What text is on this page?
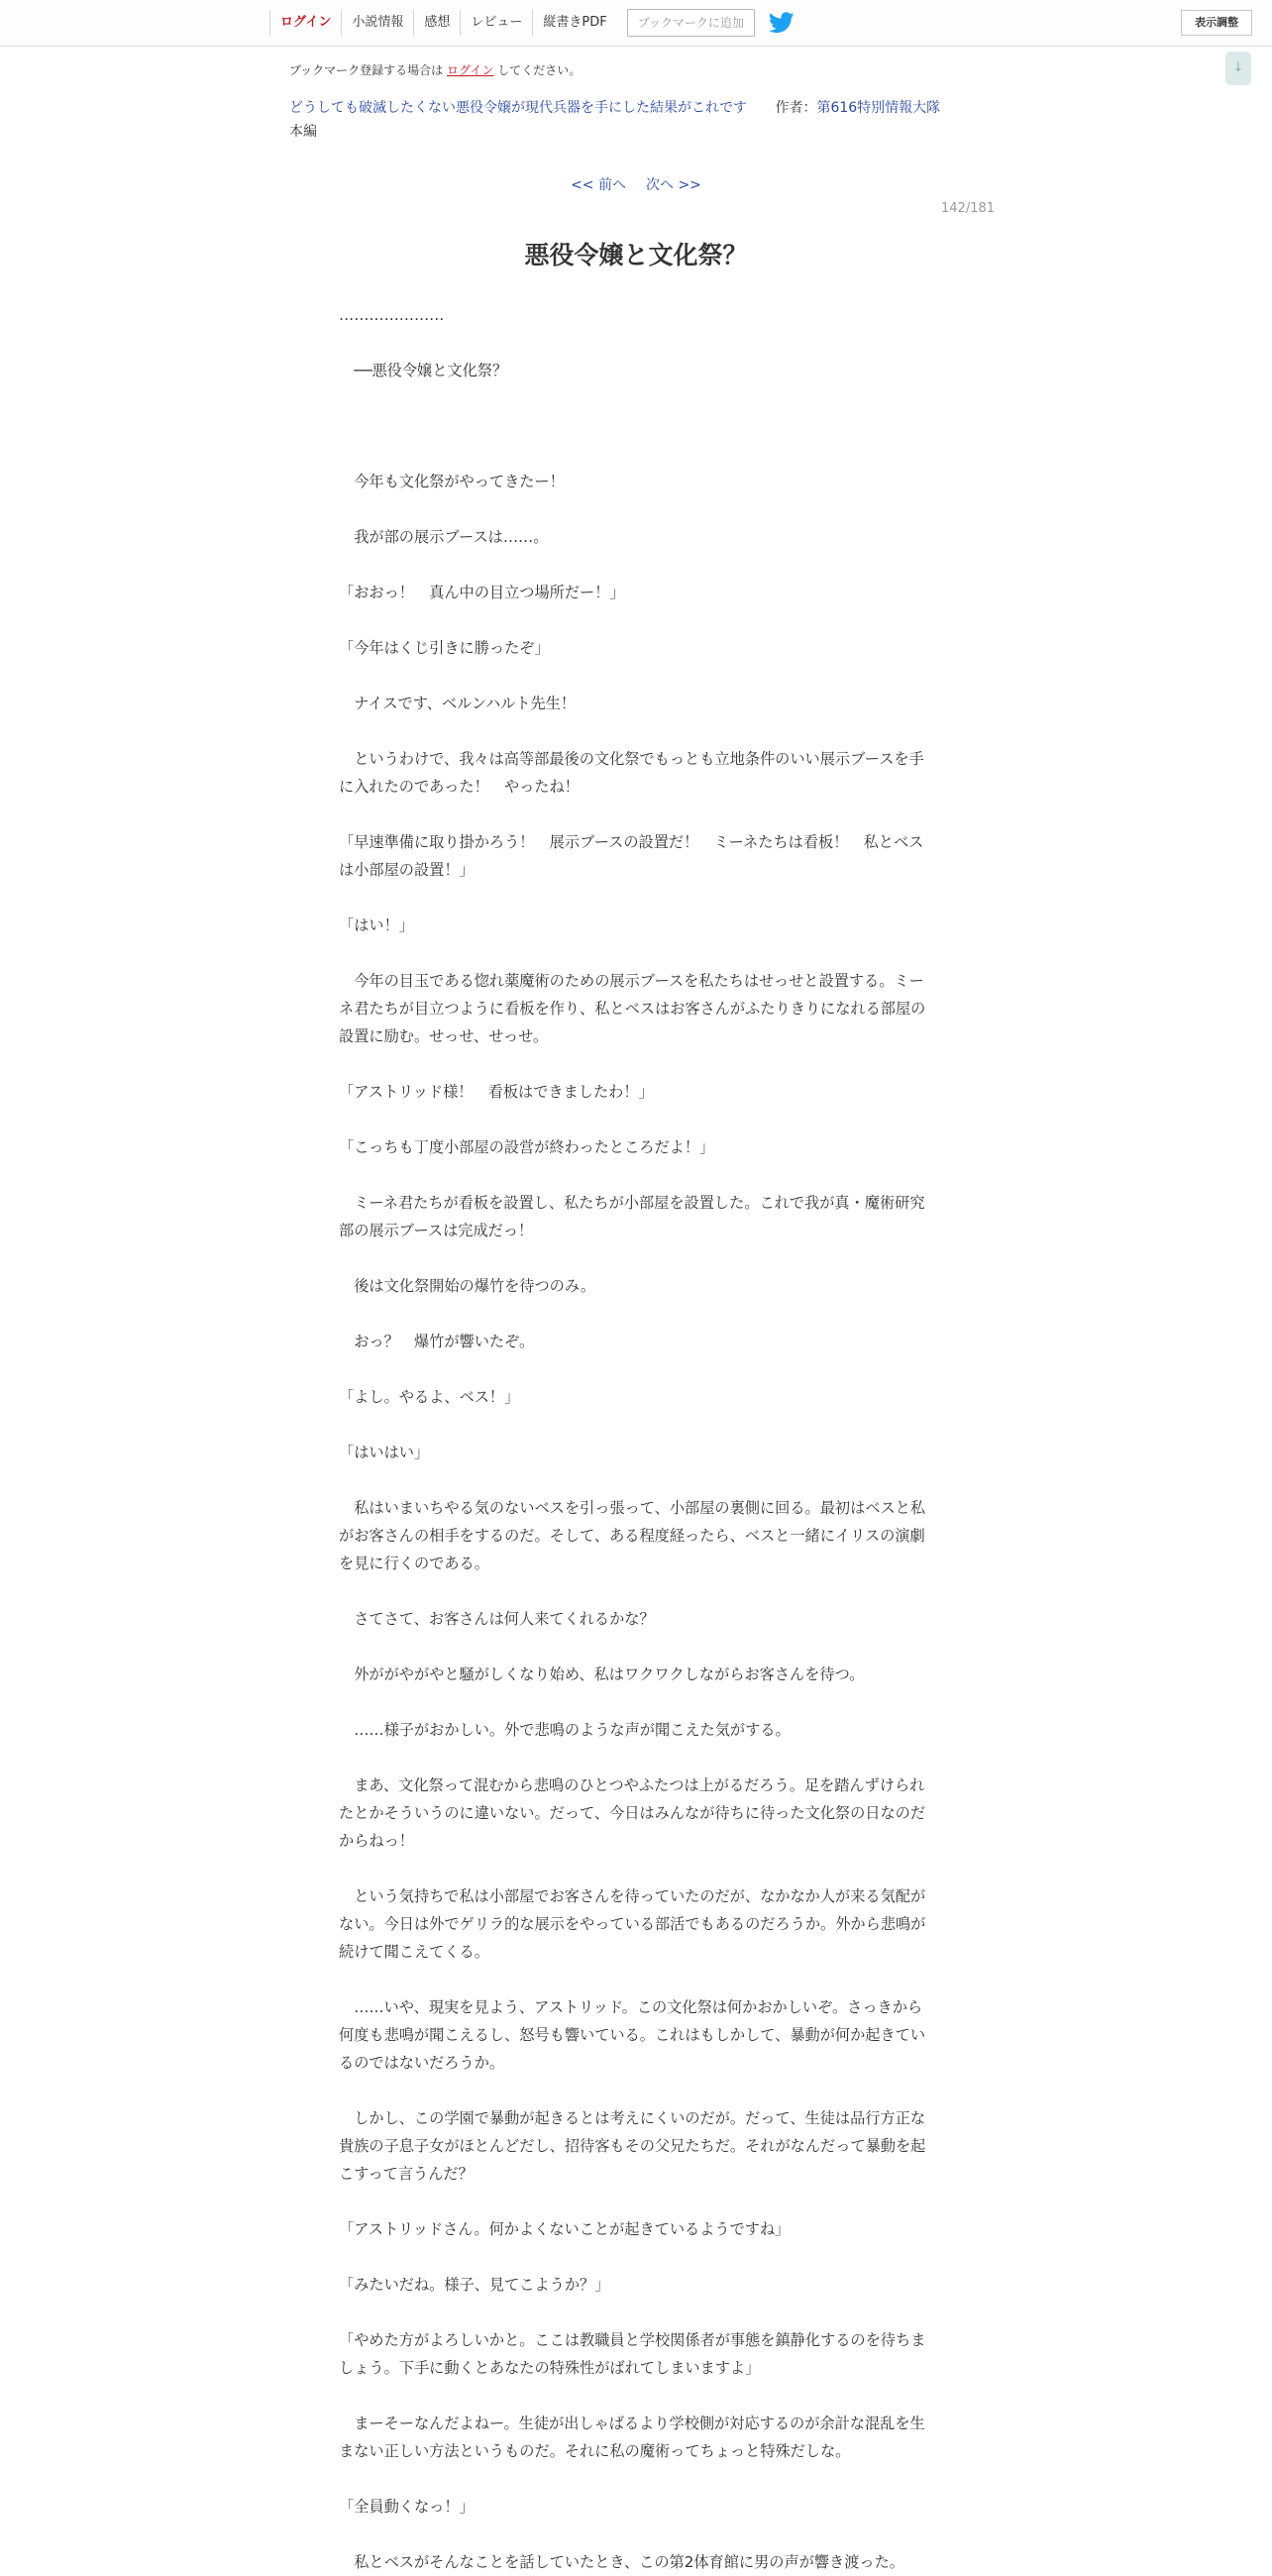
ログイン	小説情報	感想	レビュー	縦書きPDF	ブックマークに追加	表示調整
↓
ブックマーク登録する場合は ログイン してください。
どうしても破滅したくない悪役令嬢が現代兵器を手にした結果がこれです 作者：第616特別情報大隊
本編
<< 前へ 次へ >>
142/181
悪役令嬢と文化祭？

…………………

　──悪役令嬢と文化祭？

　今年も文化祭がやってきたー！

　我が部の展示ブースは……。

「おおっ！　真ん中の目立つ場所だー！」

「今年はくじ引きに勝ったぞ」

　ナイスです、ベルンハルト先生！

　というわけで、我々は高等部最後の文化祭でもっとも立地条件のいい展示ブースを手に入れたのであった！　やったね！

「早速準備に取り掛かろう！　展示ブースの設置だ！　ミーネたちは看板！　私とベスは小部屋の設置！」

「はい！」

　今年の目玉である惚れ薬魔術のための展示ブースを私たちはせっせと設置する。ミーネ君たちが目立つように看板を作り、私とベスはお客さんがふたりきりになれる部屋の設置に励む。せっせ、せっせ。

「アストリッド様！　看板はできましたわ！」

「こっちも丁度小部屋の設営が終わったところだよ！」

　ミーネ君たちが看板を設置し、私たちが小部屋を設置した。これで我が真・魔術研究部の展示ブースは完成だっ！

　後は文化祭開始の爆竹を待つのみ。

　おっ？　爆竹が響いたぞ。

「よし。やるよ、ベス！」

「はいはい」

　私はいまいちやる気のないベスを引っ張って、小部屋の裏側に回る。最初はベスと私がお客さんの相手をするのだ。そして、ある程度経ったら、ベスと一緒にイリスの演劇を見に行くのである。

　さてさて、お客さんは何人来てくれるかな？

　外ががやがやと騒がしくなり始め、私はワクワクしながらお客さんを待つ。

　……様子がおかしい。外で悲鳴のような声が聞こえた気がする。

　まあ、文化祭って混むから悲鳴のひとつやふたつは上がるだろう。足を踏んずけられたとかそういうのに違いない。だって、今日はみんなが待ちに待った文化祭の日なのだからねっ！

　という気持ちで私は小部屋でお客さんを待っていたのだが、なかなか人が来る気配がない。今日は外でゲリラ的な展示をやっている部活でもあるのだろうか。外から悲鳴が続けて聞こえてくる。

　……いや、現実を見よう、アストリッド。この文化祭は何かおかしいぞ。さっきから何度も悲鳴が聞こえるし、怒号も響いている。これはもしかして、暴動が何か起きているのではないだろうか。

　しかし、この学園で暴動が起きるとは考えにくいのだが。だって、生徒は品行方正な貴族の子息子女がほとんどだし、招待客もその父兄たちだ。それがなんだって暴動を起こすって言うんだ？

「アストリッドさん。何かよくないことが起きているようですね」

「みたいだね。様子、見てこようか？」

「やめた方がよろしいかと。ここは教職員と学校関係者が事態を鎮静化するのを待ちましょう。下手に動くとあなたの特殊性がばれてしまいますよ」

　まーそーなんだよねー。生徒が出しゃばるより学校側が対応するのが余計な混乱を生まない正しい方法というものだ。それに私の魔術ってちょっと特殊だしな。

「全員動くなっ！」

　私とベスがそんなことを話していたとき、この第2体育館に男の声が響き渡った。
